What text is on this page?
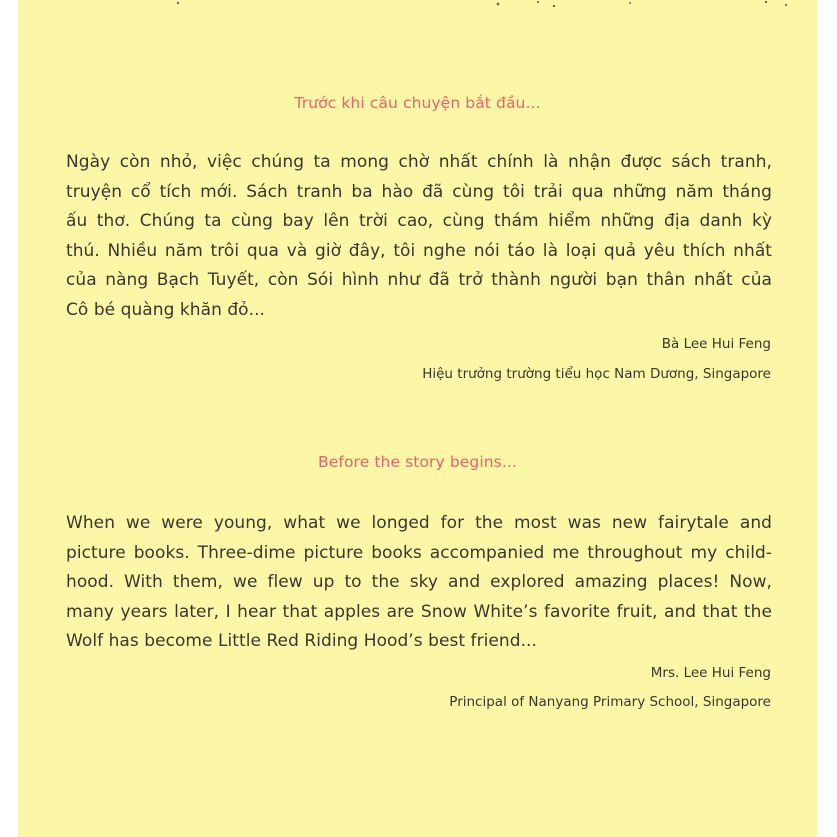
Trước khi câu chuyện bắt đầu...
Ngày còn nhỏ, việc chúng ta mong chờ nhất chính là nhận được sách tranh,
truyện cổ tích mới. Sách tranh ba hào đã cùng tôi trải qua những năm tháng
ấu thơ. Chúng ta cùng bay lên trời cao, cùng thám hiểm những địa danh kỳ
thú. Nhiều năm trôi qua và giờ đây, tôi nghe nói táo là loại quả yêu thích nhất
của nàng Bạch Tuyết, còn Sói hình như đã trở thành người bạn thân nhất của
Cô bé quàng khăn đỏ...
Bà Lee Hui Feng
Hiệu trưởng trường tiểu học Nam Dương, Singapore
Before the story begins...
When we were young, what we longed for the most was new fairytale and
picture books. Three-dime picture books accompanied me throughout my child-
hood. With them, we flew up to the sky and explored amazing places! Now,
many years later, I hear that apples are Snow White’s favorite fruit, and that the
Wolf has become Little Red Riding Hood’s best friend...
Mrs. Lee Hui Feng
Principal of Nanyang Primary School, Singapore
